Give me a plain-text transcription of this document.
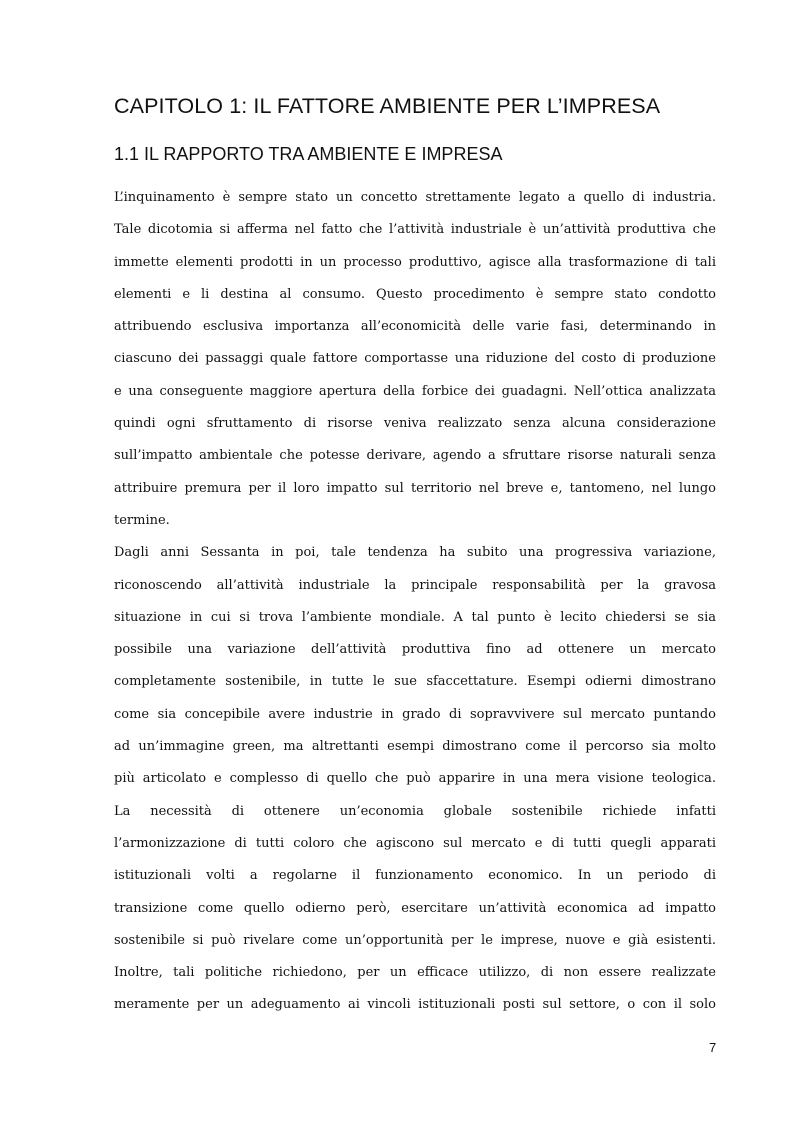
CAPITOLO 1: IL FATTORE AMBIENTE PER L’IMPRESA
1.1 IL RAPPORTO TRA AMBIENTE E IMPRESA
L’inquinamento è sempre stato un concetto strettamente legato a quello di industria.
Tale dicotomia si afferma nel fatto che l’attività industriale è un’attività produttiva che
immette elementi prodotti in un processo produttivo, agisce alla trasformazione di tali
elementi e li destina al consumo. Questo procedimento è sempre stato condotto
attribuendo esclusiva importanza all’economicità delle varie fasi, determinando in
ciascuno dei passaggi quale fattore comportasse una riduzione del costo di produzione
e una conseguente maggiore apertura della forbice dei guadagni. Nell’ottica analizzata
quindi ogni sfruttamento di risorse veniva realizzato senza alcuna considerazione
sull’impatto ambientale che potesse derivare, agendo a sfruttare risorse naturali senza
attribuire premura per il loro impatto sul territorio nel breve e, tantomeno, nel lungo
termine.
Dagli anni Sessanta in poi, tale tendenza ha subito una progressiva variazione,
riconoscendo all’attività industriale la principale responsabilità per la gravosa
situazione in cui si trova l’ambiente mondiale. A tal punto è lecito chiedersi se sia
possibile una variazione dell’attività produttiva fino ad ottenere un mercato
completamente sostenibile, in tutte le sue sfaccettature. Esempi odierni dimostrano
come sia concepibile avere industrie in grado di sopravvivere sul mercato puntando
ad un’immagine green, ma altrettanti esempi dimostrano come il percorso sia molto
più articolato e complesso di quello che può apparire in una mera visione teologica.
La necessità di ottenere un’economia globale sostenibile richiede infatti
l’armonizzazione di tutti coloro che agiscono sul mercato e di tutti quegli apparati
istituzionali volti a regolarne il funzionamento economico. In un periodo di
transizione come quello odierno però, esercitare un’attività economica ad impatto
sostenibile si può rivelare come un’opportunità per le imprese, nuove e già esistenti.
Inoltre, tali politiche richiedono, per un efficace utilizzo, di non essere realizzate
meramente per un adeguamento ai vincoli istituzionali posti sul settore, o con il solo
7
